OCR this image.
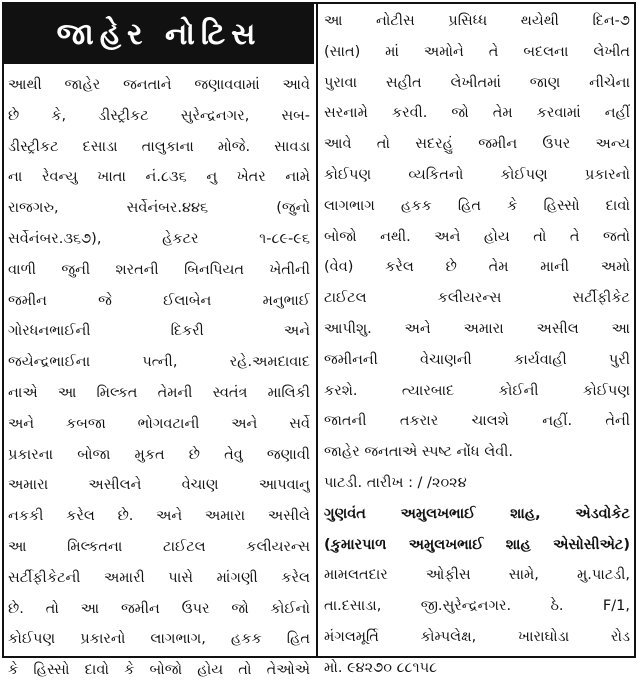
જાહેર નોટિસ
આથી જાહેર જનતાને જણાવવામાં આવે
છે કે, ડીસ્ટ્રીકટ સુરેન્દ્રનગર, સબ-
ડીસ્ટ્રીકટ દસાડા તાલુકાના મોજે. સાવડા
ના રેવન્યુ ખાતા નં.૮૩૬ નુ ખેતર નામે
રાજગરુ, સર્વેનંબર.૪૪૬ (જુનો
સર્વેનંબર.૩૬૭), હેકટર ૧-૮૯-૯૬
વાળી જુની શરતની બિનપિયત ખેતીની
જમીન જે ઈલાબેન મનુભાઈ
ગોરધનભાઈની દિકરી અને
જયેન્દ્રભાઈના પત્ની, રહે.અમદાવાદ
નાએ આ મિલ્કત તેમની સ્વતંત્ર માલિકી
અને કબજા ભોગવટાની અને સર્વે
પ્રકારના બોજા મુકત છે તેવુ જણાવી
અમારા અસીલને વેચાણ આપવાનુ
નકકી કરેલ છે. અને અમારા અસીલે
આ મિલ્કતના ટાઈટલ કલીયરન્સ
સર્ટીફીકેટની અમારી પાસે માંગણી કરેલ
છે. તો આ જમીન ઉપર જો કોઈનો
કોઈપણ પ્રકારનો લાગભાગ, હકક હિત
કે હિસ્સો દાવો કે બોજો હોય તો તેઓએ
આ નોટીસ પ્રસિધ્ધ થયેથી દિન-૭
(સાત) માં અમોને તે બદલના લેખીત
પુરાવા સહીત લેખીતમાં જાણ નીચેના
સરનામે કરવી. જો તેમ કરવામાં નહીં
આવે તો સદરહું જમીન ઉપર અન્ય
કોઈપણ વ્યકિતનો કોઈપણ પ્રકારનો
લાગભાગ હકક હિત કે હિસ્સો દાવો
બોજો નથી. અને હોય તો તે જતો
(વેવ) કરેલ છે તેમ માની અમો
ટાઈટલ કલીયરન્સ સર્ટીફીકેટ
આપીશુ. અને અમારા અસીલ આ
જમીનની વેચાણની કાર્યવાહી પુરી
કરશે. ત્યારબાદ કોઈની કોઈપણ
જાતની તકરાર ચાલશે નહીં. તેની
જાહેર જનતાએ સ્પષ્ટ નોંધ લેવી.
પાટડી. તારીખ : / /૨૦૨૪
ગુણવંત અમુલખભાઈ શાહ, એડવોકેટ
(કુમારપાળ અમુલખભાઈ શાહ એસોસીએટ)
મામલતદાર ઓફીસ સામે, મુ.પાટડી,
તા.દસાડા, જી.સુરેન્દ્રનગર. ઠે. F/1,
મંગલમૂર્તિ કોમ્પલેક્ષ, ખારાઘોડા રોડ
મો. ૯૪૨૭૦ ૮૮૧૫૮
